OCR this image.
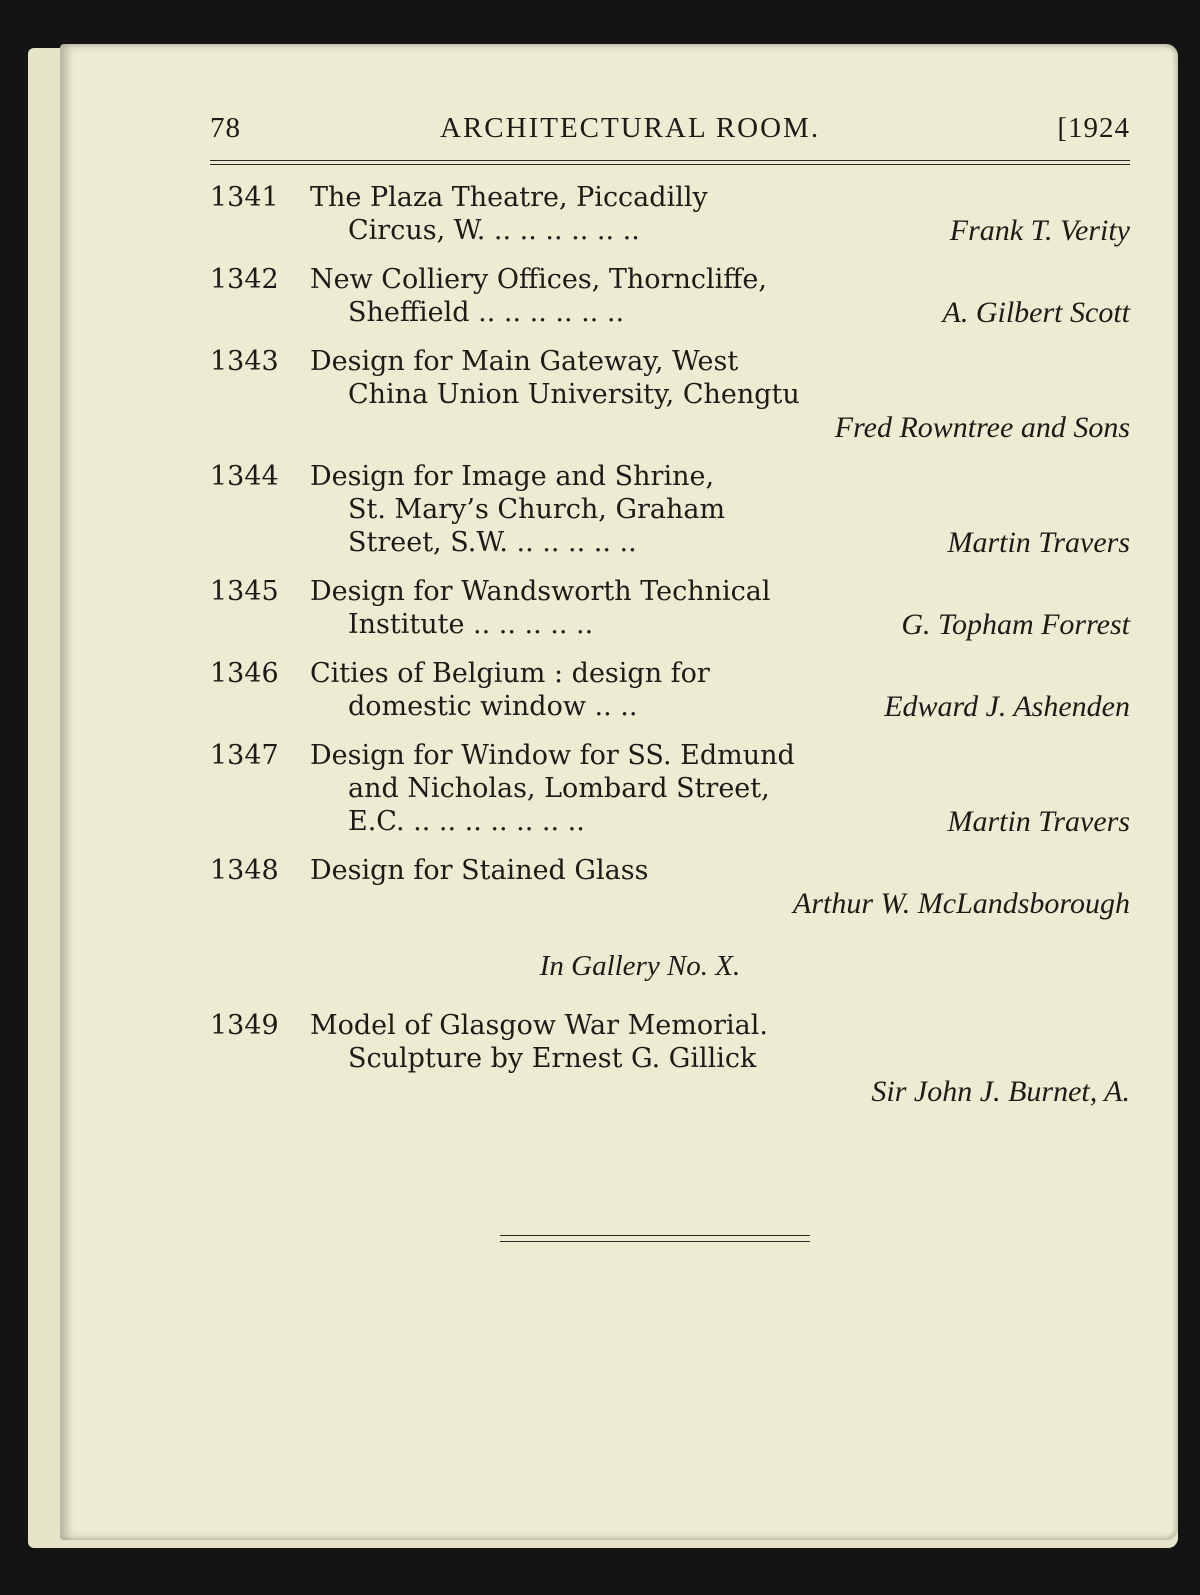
78	ARCHITECTURAL ROOM.	[1924
1341	The Plaza Theatre, Piccadilly
Circus, W. .. .. .. .. .. ..	Frank T. Verity
1342	New Colliery Offices, Thorncliffe,
Sheffield .. .. .. .. .. ..	A. Gilbert Scott
1343	Design for Main Gateway, West
China Union University, Chengtu
Fred Rowntree and Sons
1344	Design for Image and Shrine,
St. Mary’s Church, Graham
Street, S.W. .. .. .. .. ..	Martin Travers
1345	Design for Wandsworth Technical
Institute .. .. .. .. ..	G. Topham Forrest
1346	Cities of Belgium : design for
domestic window .. ..	Edward J. Ashenden
1347	Design for Window for SS. Edmund
and Nicholas, Lombard Street,
E.C. .. .. .. .. .. .. ..	Martin Travers
1348	Design for Stained Glass
Arthur W. McLandsborough
In Gallery No. X.
1349	Model of Glasgow War Memorial.
Sculpture by Ernest G. Gillick
Sir John J. Burnet, A.
